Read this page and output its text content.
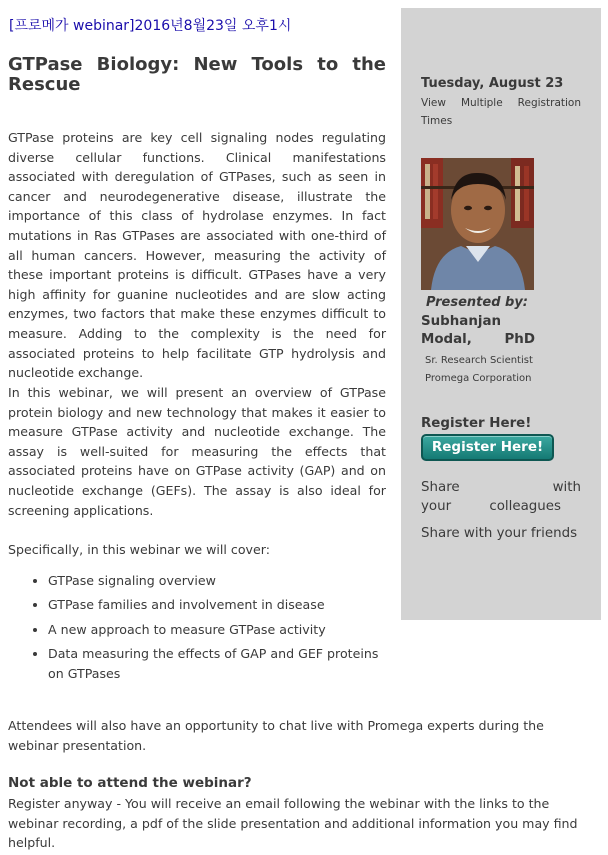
[프로메가 webinar]2016년8월23일 오후1시
GTPase Biology: New Tools to the Rescue

GTPase proteins are key cell signaling nodes regulating diverse cellular functions. Clinical manifestations associated with deregulation of GTPases, such as seen in cancer and neurodegenerative disease, illustrate the importance of this class of hydrolase enzymes. In fact mutations in Ras GTPases are associated with one-third of all human cancers. However, measuring the activity of these important proteins is difficult. GTPases have a very high affinity for guanine nucleotides and are slow acting enzymes, two factors that make these enzymes difficult to measure. Adding to the complexity is the need for associated proteins to help facilitate GTP hydrolysis and nucleotide exchange.

In this webinar, we will present an overview of GTPase protein biology and new technology that makes it easier to measure GTPase activity and nucleotide exchange. The assay is well-suited for measuring the effects that associated proteins have on GTPase activity (GAP) and on nucleotide exchange (GEFs). The assay is also ideal for screening applications.

Specifically, in this webinar we will cover:

• GTPase signaling overview
• GTPase families and involvement in disease
• A new approach to measure GTPase activity
• Data measuring the effects of GAP and GEF proteins on GTPases
Attendees will also have an opportunity to chat live with Promega experts during the webinar presentation.
Not able to attend the webinar?
Register anyway - You will receive an email following the webinar with the links to the webinar recording, a pdf of the slide presentation and additional information you may find helpful.
Tuesday, August 23
View Multiple Registration Times
Presented by:
Subhanjan Modal, PhD
Sr. Research Scientist
Promega Corporation
Register Here!
Register Here!
Share with your colleagues
Share with your friends
